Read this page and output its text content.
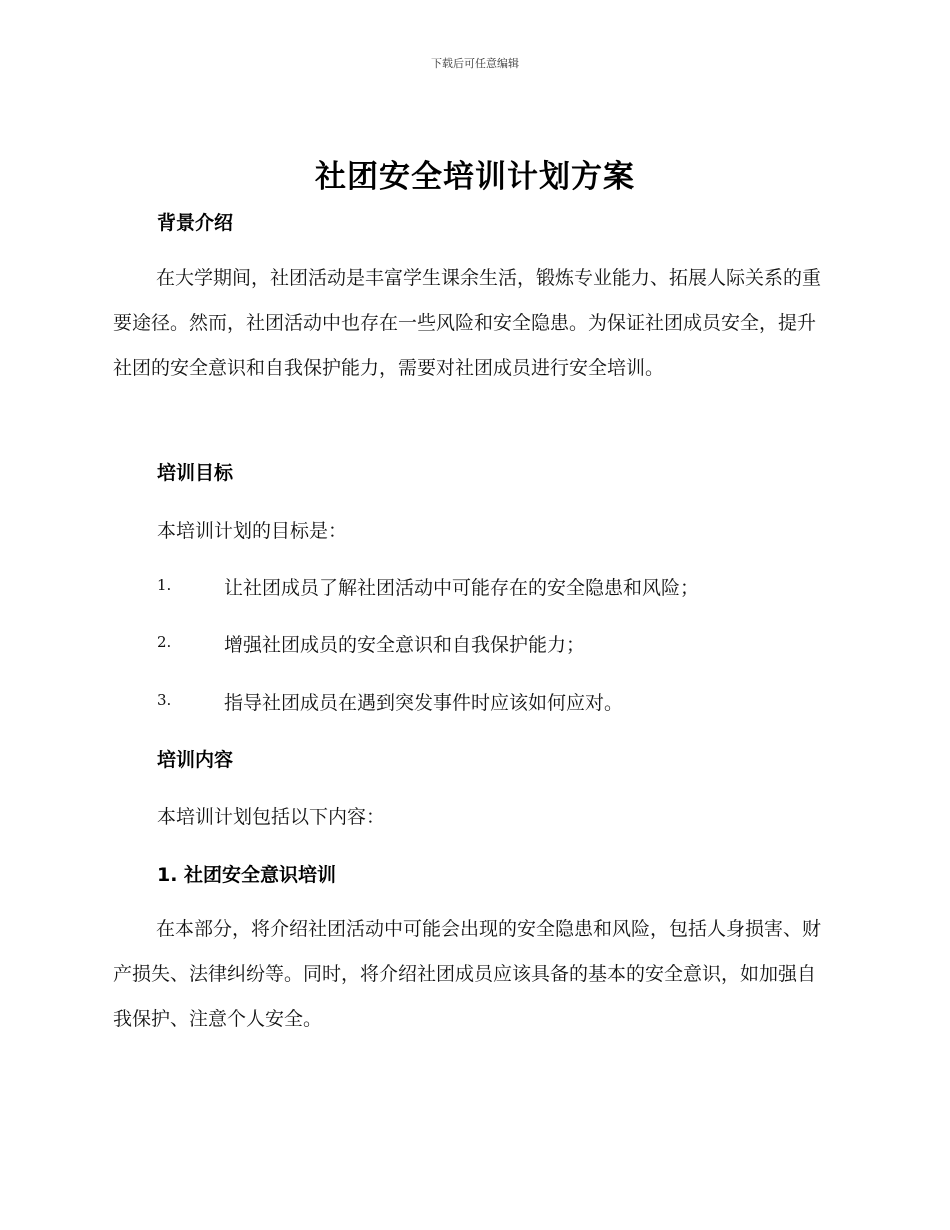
下载后可任意编辑
社团安全培训计划方案
背景介绍

在大学期间，社团活动是丰富学生课余生活，锻炼专业能力、拓展人际关系的重要途径。然而，社团活动中也存在一些风险和安全隐患。为保证社团成员安全，提升社团的安全意识和自我保护能力，需要对社团成员进行安全培训。

培训目标

本培训计划的目标是：

1.	让社团成员了解社团活动中可能存在的安全隐患和风险；
2.	增强社团成员的安全意识和自我保护能力；
3.	指导社团成员在遇到突发事件时应该如何应对。
培训内容

本培训计划包括以下内容：

1. 社团安全意识培训

在本部分，将介绍社团活动中可能会出现的安全隐患和风险，包括人身损害、财产损失、法律纠纷等。同时，将介绍社团成员应该具备的基本的安全意识，如加强自我保护、注意个人安全。
